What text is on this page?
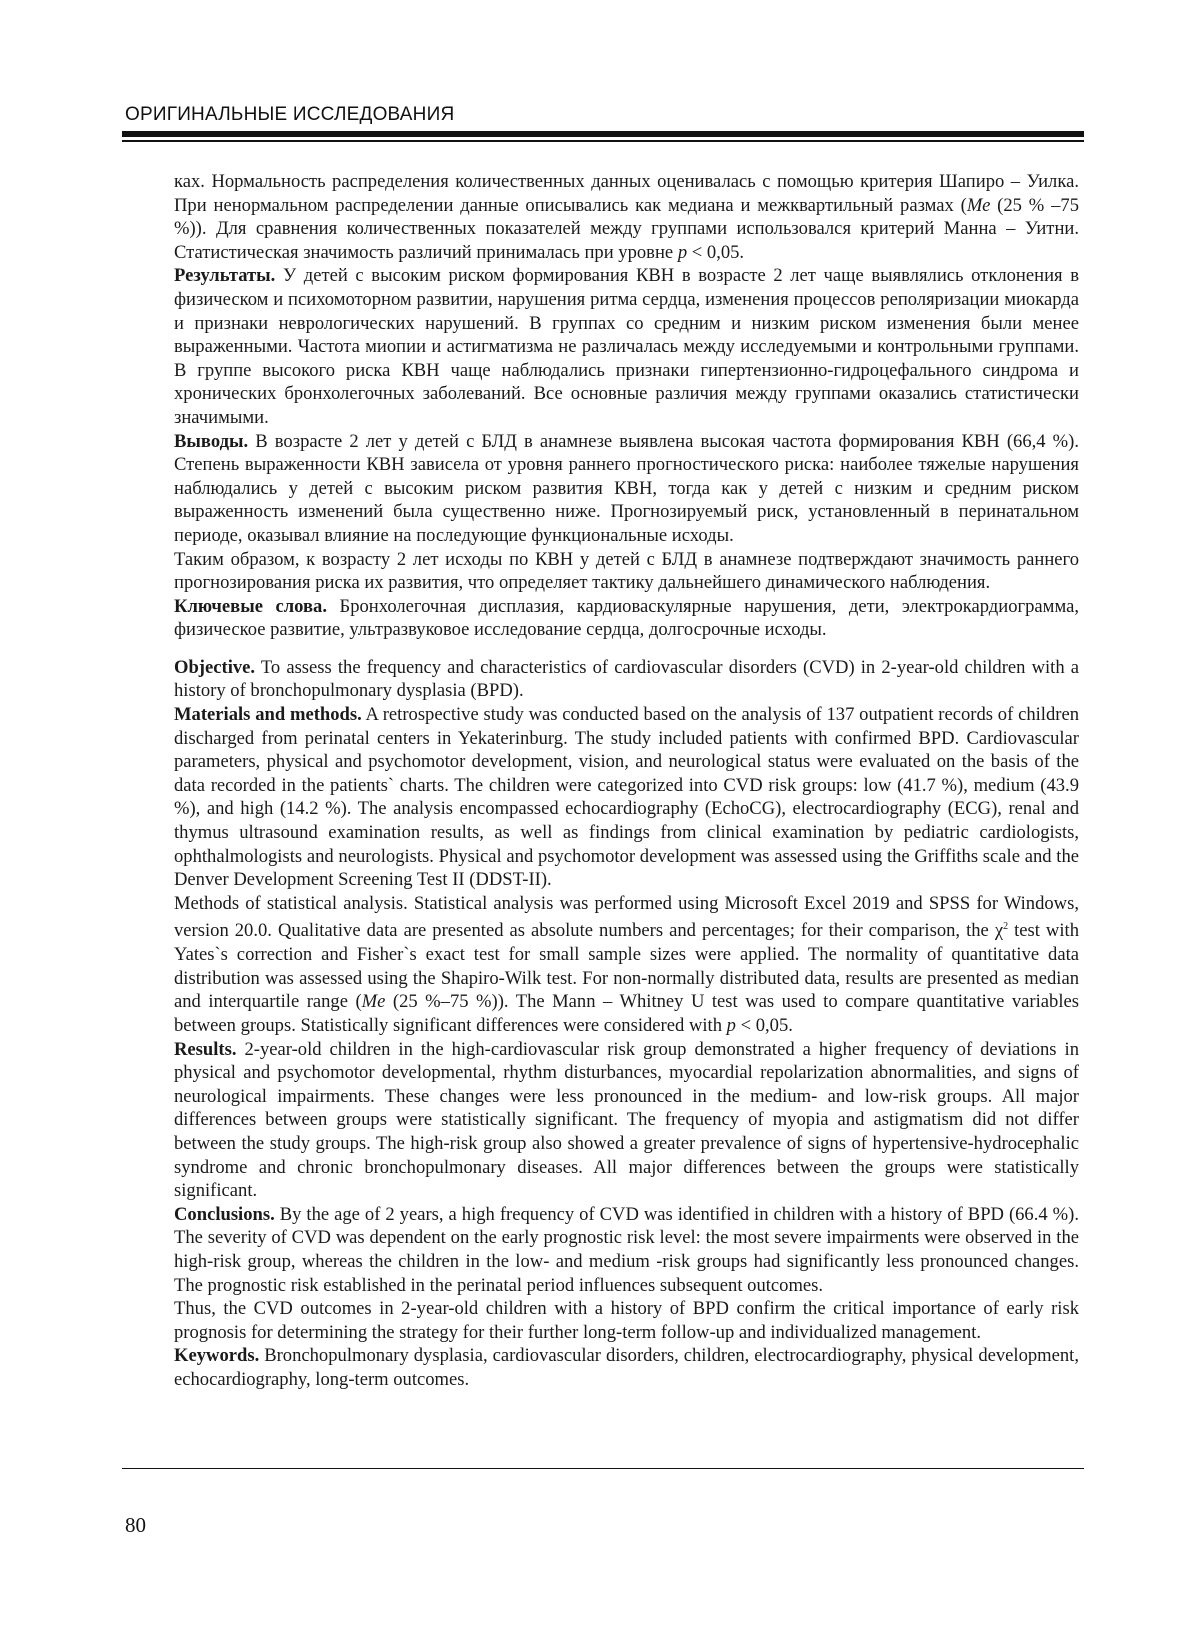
ОРИГИНАЛЬНЫЕ ИССЛЕДОВАНИЯ

ках. Нормальность распределения количественных данных оценивалась с помощью критерия Шапиро – Уилка. При ненормальном распределении данные описывались как медиана и межквартильный размах (Ме (25 % –75 %)). Для сравнения количественных показателей между группами использовался критерий Манна – Уитни. Статистическая значимость различий принималась при уровне p < 0,05.

Результаты. У детей с высоким риском формирования КВН в возрасте 2 лет чаще выявлялись отклонения в физическом и психомоторном развитии, нарушения ритма сердца, изменения процессов реполяризации миокарда и признаки неврологических нарушений. В группах со средним и низким риском изменения были менее выраженными. Частота миопии и астигматизма не различалась между исследуемыми и контрольными группами. В группе высокого риска КВН чаще наблюдались признаки гипертензионно-гидроцефального синдрома и хронических бронхолегочных заболеваний. Все основные различия между группами оказались статистически значимыми.

Выводы. В возрасте 2 лет у детей с БЛД в анамнезе выявлена высокая частота формирования КВН (66,4 %). Степень выраженности КВН зависела от уровня раннего прогностического риска: наиболее тяжелые нарушения наблюдались у детей с высоким риском развития КВН, тогда как у детей с низким и средним риском выраженность изменений была существенно ниже. Прогнозируемый риск, установленный в перинатальном периоде, оказывал влияние на последующие функциональные исходы.

Таким образом, к возрасту 2 лет исходы по КВН у детей с БЛД в анамнезе подтверждают значимость раннего прогнозирования риска их развития, что определяет тактику дальнейшего динамического наблюдения.

Ключевые слова. Бронхолегочная дисплазия, кардиоваскулярные нарушения, дети, электрокардиограмма, физическое развитие, ультразвуковое исследование сердца, долгосрочные исходы.

Objective. To assess the frequency and characteristics of cardiovascular disorders (CVD) in 2-year-old children with a history of bronchopulmonary dysplasia (BPD).

Materials and methods. A retrospective study was conducted based on the analysis of 137 outpatient records of children discharged from perinatal centers in Yekaterinburg. The study included patients with confirmed BPD. Cardiovascular parameters, physical and psychomotor development, vision, and neurological status were evaluated on the basis of the data recorded in the patients` charts. The children were categorized into CVD risk groups: low (41.7 %), medium (43.9 %), and high (14.2 %). The analysis encompassed echocardiography (EchoCG), electrocardiography (ECG), renal and thymus ultrasound examination results, as well as findings from clinical examination by pediatric cardiologists, ophthalmologists and neurologists. Physical and psychomotor development was assessed using the Griffiths scale and the Denver Development Screening Test II (DDST-II).

Methods of statistical analysis. Statistical analysis was performed using Microsoft Excel 2019 and SPSS for Windows, version 20.0. Qualitative data are presented as absolute numbers and percentages; for their comparison, the $\chi^2$ test with Yates`s correction and Fisher`s exact test for small sample sizes were applied. The normality of quantitative data distribution was assessed using the Shapiro-Wilk test. For non-normally distributed data, results are presented as median and interquartile range (Me (25 %–75 %)). The Mann – Whitney U test was used to compare quantitative variables between groups. Statistically significant differences were considered with p < 0,05.

Results. 2-year-old children in the high-cardiovascular risk group demonstrated a higher frequency of deviations in physical and psychomotor developmental, rhythm disturbances, myocardial repolarization abnormalities, and signs of neurological impairments. These changes were less pronounced in the medium- and low-risk groups. All major differences between groups were statistically significant. The frequency of myopia and astigmatism did not differ between the study groups. The high-risk group also showed a greater prevalence of signs of hypertensive-hydrocephalic syndrome and chronic bronchopulmonary diseases. All major differences between the groups were statistically significant.

Conclusions. By the age of 2 years, a high frequency of CVD was identified in children with a history of BPD (66.4 %). The severity of CVD was dependent on the early prognostic risk level: the most severe impairments were observed in the high-risk group, whereas the children in the low- and medium -risk groups had significantly less pronounced changes. The prognostic risk established in the perinatal period influences subsequent outcomes.

Thus, the CVD outcomes in 2-year-old children with a history of BPD confirm the critical importance of early risk prognosis for determining the strategy for their further long-term follow-up and individualized management.

Keywords. Bronchopulmonary dysplasia, cardiovascular disorders, children, electrocardiography, physical development, echocardiography, long-term outcomes.

80
